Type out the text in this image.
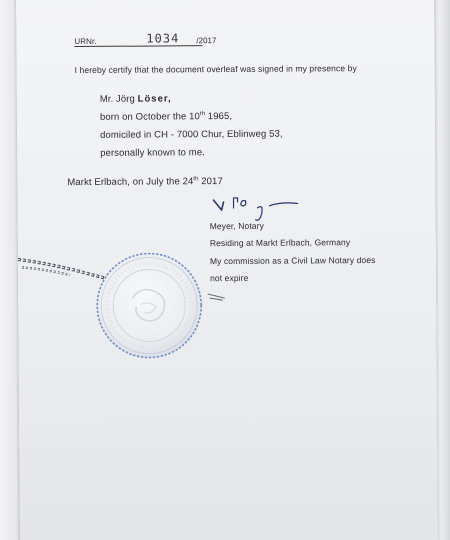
URNr.	1034 /2017
I hereby certify that the document overleaf was signed in my presence by
Mr. Jörg Löser,
born on October the 10th 1965,
domiciled in CH - 7000 Chur, Eblinweg 53,
personally known to me.
Markt Erlbach, on July the 24th 2017
Meyer, Notary
Residing at Markt Erlbach, Germany
My commission as a Civil Law Notary does
not expire
